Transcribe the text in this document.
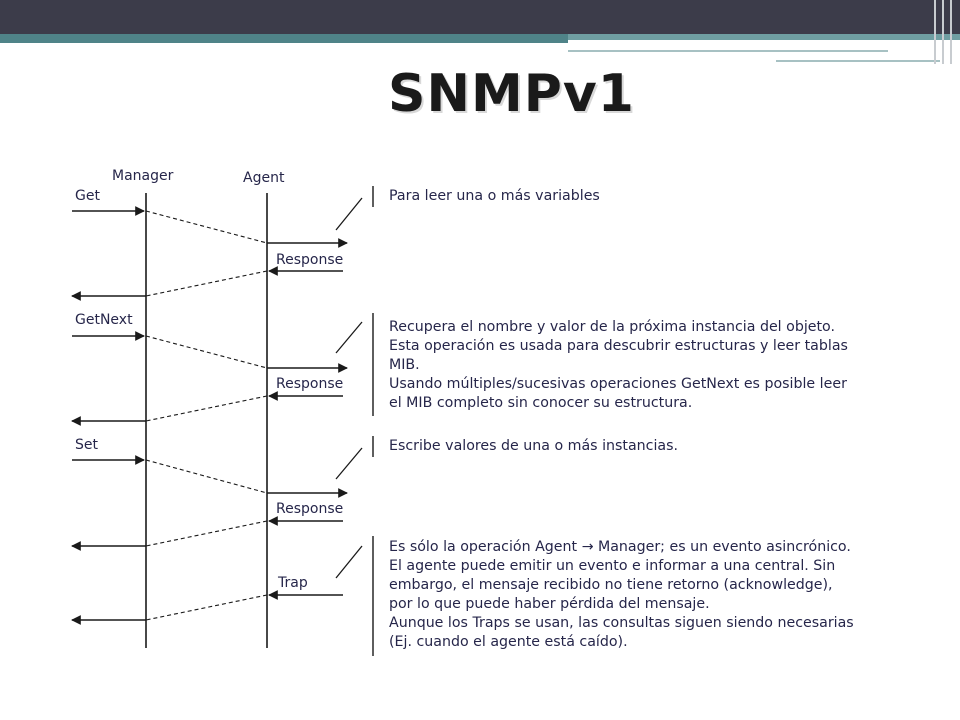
SNMPv1
Manager	Agent
Get
Response
GetNext
Response
Set
Response
Trap

Para leer una o más variables

Recupera el nombre y valor de la próxima instancia del objeto.
Esta operación es usada para descubrir estructuras y leer tablas
MIB.
Usando múltiples/sucesivas operaciones GetNext es posible leer
el MIB completo sin conocer su estructura.

Escribe valores de una o más instancias.

Es sólo la operación Agent → Manager; es un evento asincrónico.
El agente puede emitir un evento e informar a una central. Sin
embargo, el mensaje recibido no tiene retorno (acknowledge),
por lo que puede haber pérdida del mensaje.
Aunque los Traps se usan, las consultas siguen siendo necesarias
(Ej. cuando el agente está caído).
